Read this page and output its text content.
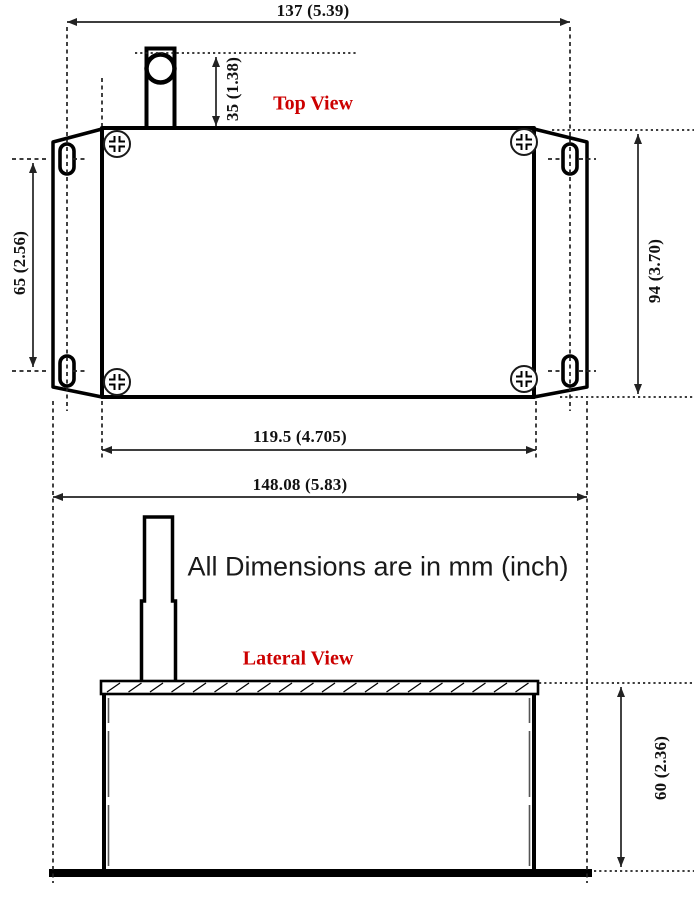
137 (5.39)
35 (1.38) Top View
65 (2.56)	94 (3.70)
119.5 (4.705)
148.08 (5.83)
All Dimensions are in mm (inch)
Lateral View
60 (2.36)
